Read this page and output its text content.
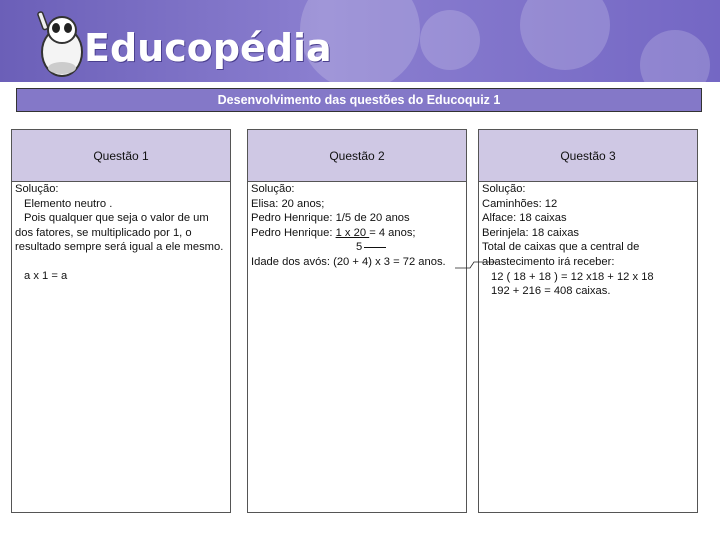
Educopédia
Desenvolvimento das questões do Educoquiz 1
Questão 1
Solução:
Elemento neutro .
Pois qualquer que seja o valor de um dos fatores, se multiplicado por 1, o resultado sempre será igual a ele mesmo.
a x 1 = a
Questão 2
Solução:
Elisa: 20 anos;
Pedro Henrique: 1/5 de 20 anos
Pedro Henrique: 1 x 20 = 4 anos;
5
Idade dos avós: (20 + 4) x 3 = 72 anos.
Questão 3
Solução:
Caminhões: 12
Alface: 18 caixas
Berinjela: 18 caixas
Total de caixas que a central de abastecimento irá receber:
12 ( 18 + 18 ) = 12 x18 + 12 x 18
192 + 216 = 408 caixas.
